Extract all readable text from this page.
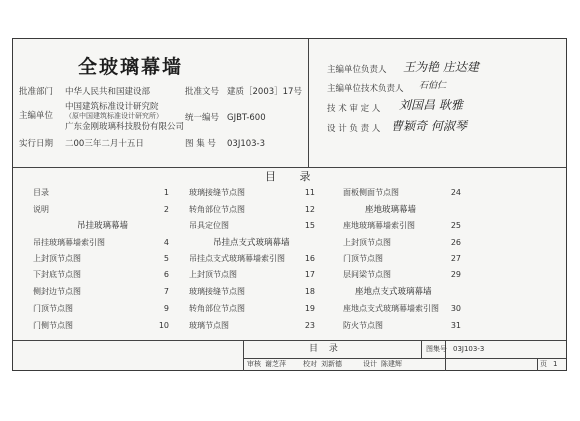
全玻璃幕墙
批准部门 中华人民共和国建设部	批准文号 建质［2003］17号
主编单位
中国建筑标准设计研究院
（原中国建筑标准设计研究所）
广东金刚玻璃科技股份有限公司
统一编号 GJBT-600
实行日期 二00三年二月十五日	图 集 号 03J103-3
主编单位负责人 王为艳 庄达建
主编单位技术负责人 石伯仁
技 术 审 定 人 刘国昌 耿雅
设 计 负 责 人 曹颖奇 何淑琴
目 录
目录	1
说明	2
吊挂玻璃幕墙
吊挂玻璃幕墙索引图	4
上封顶节点图	5
下封底节点图	6
侧封边节点图	7
门顶节点图	9
门侧节点图	10
玻璃接缝节点图	11
转角部位节点图	12
吊具定位图	15
吊挂点支式玻璃幕墙
吊挂点支式玻璃幕墙索引图	16
上封顶节点图	17
玻璃接缝节点图	18
转角部位节点图	19
玻璃节点图	23
面板侧面节点图	24
座地玻璃幕墙
座地玻璃幕墙索引图	25
上封顶节点图	26
门顶节点图	27
层间梁节点图	29
座地点支式玻璃幕墙
座地点支式玻璃幕墙索引图	30
防火节点图	31
目 录	图集号 03J103-3
审核 谢芝萍 校对 刘新德	设计 陈建辉	页 1
